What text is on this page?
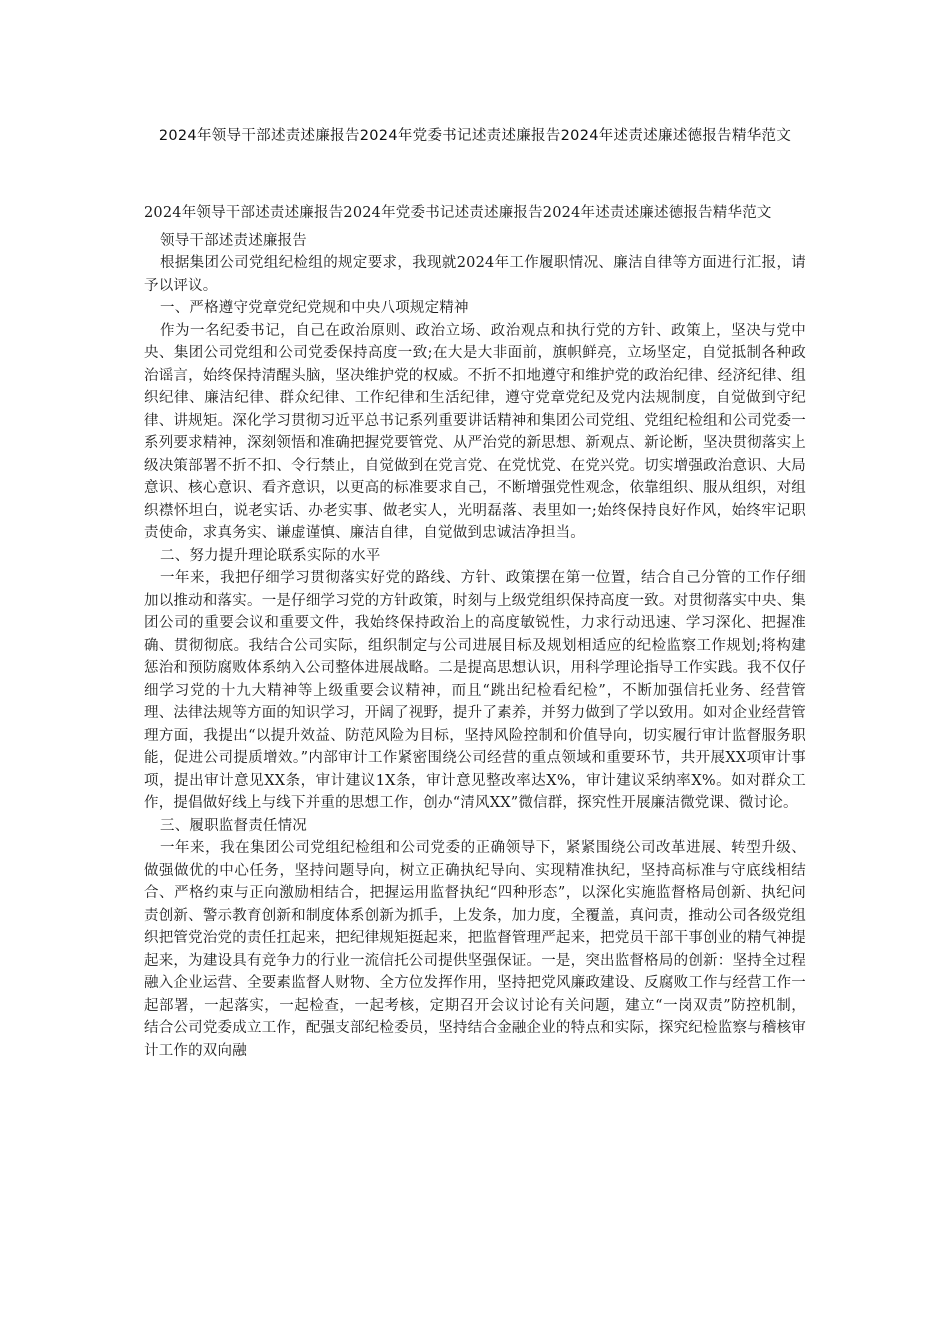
2024年领导干部述责述廉报告2024年党委书记述责述廉报告2024年述责述廉述德报告精华范文

2024年领导干部述责述廉报告2024年党委书记述责述廉报告2024年述责述廉述德报告精华范文

领导干部述责述廉报告

根据集团公司党组纪检组的规定要求，我现就2024年工作履职情况、廉洁自律等方面进行汇报，请予以评议。

一、严格遵守党章党纪党规和中央八项规定精神

作为一名纪委书记，自己在政治原则、政治立场、政治观点和执行党的方针、政策上，坚决与党中央、集团公司党组和公司党委保持高度一致;在大是大非面前，旗帜鲜亮，立场坚定，自觉抵制各种政治谣言，始终保持清醒头脑，坚决维护党的权威。不折不扣地遵守和维护党的政治纪律、经济纪律、组织纪律、廉洁纪律、群众纪律、工作纪律和生活纪律，遵守党章党纪及党内法规制度，自觉做到守纪律、讲规矩。深化学习贯彻习近平总书记系列重要讲话精神和集团公司党组、党组纪检组和公司党委一系列要求精神，深刻领悟和准确把握党要管党、从严治党的新思想、新观点、新论断，坚决贯彻落实上级决策部署不折不扣、令行禁止，自觉做到在党言党、在党忧党、在党兴党。切实增强政治意识、大局意识、核心意识、看齐意识，以更高的标准要求自己，不断增强党性观念，依靠组织、服从组织，对组织襟怀坦白，说老实话、办老实事、做老实人，光明磊落、表里如一;始终保持良好作风，始终牢记职责使命，求真务实、谦虚谨慎、廉洁自律，自觉做到忠诚洁净担当。

二、努力提升理论联系实际的水平

一年来，我把仔细学习贯彻落实好党的路线、方针、政策摆在第一位置，结合自己分管的工作仔细加以推动和落实。一是仔细学习党的方针政策，时刻与上级党组织保持高度一致。对贯彻落实中央、集团公司的重要会议和重要文件，我始终保持政治上的高度敏锐性，力求行动迅速、学习深化、把握准确、贯彻彻底。我结合公司实际，组织制定与公司进展目标及规划相适应的纪检监察工作规划;将构建惩治和预防腐败体系纳入公司整体进展战略。二是提高思想认识，用科学理论指导工作实践。我不仅仔细学习党的十九大精神等上级重要会议精神，而且“跳出纪检看纪检”，不断加强信托业务、经营管理、法律法规等方面的知识学习，开阔了视野，提升了素养，并努力做到了学以致用。如对企业经营管理方面，我提出“以提升效益、防范风险为目标，坚持风险控制和价值导向，切实履行审计监督服务职能，促进公司提质增效。”内部审计工作紧密围绕公司经营的重点领域和重要环节，共开展XX项审计事项，提出审计意见XX条，审计建议1X条，审计意见整改率达X%，审计建议采纳率X%。如对群众工作，提倡做好线上与线下并重的思想工作，创办“清风XX”微信群，探究性开展廉洁微党课、微讨论。

三、履职监督责任情况

一年来，我在集团公司党组纪检组和公司党委的正确领导下，紧紧围绕公司改革进展、转型升级、做强做优的中心任务，坚持问题导向，树立正确执纪导向、实现精准执纪，坚持高标准与守底线相结合、严格约束与正向激励相结合，把握运用监督执纪“四种形态”，以深化实施监督格局创新、执纪问责创新、警示教育创新和制度体系创新为抓手，上发条，加力度，全覆盖，真问责，推动公司各级党组织把管党治党的责任扛起来，把纪律规矩挺起来，把监督管理严起来，把党员干部干事创业的精气神提起来，为建设具有竞争力的行业一流信托公司提供坚强保证。一是，突出监督格局的创新：坚持全过程融入企业运营、全要素监督人财物、全方位发挥作用，坚持把党风廉政建设、反腐败工作与经营工作一起部署，一起落实，一起检查，一起考核，定期召开会议讨论有关问题，建立“一岗双责”防控机制，结合公司党委成立工作，配强支部纪检委员，坚持结合金融企业的特点和实际，探究纪检监察与稽核审计工作的双向融
